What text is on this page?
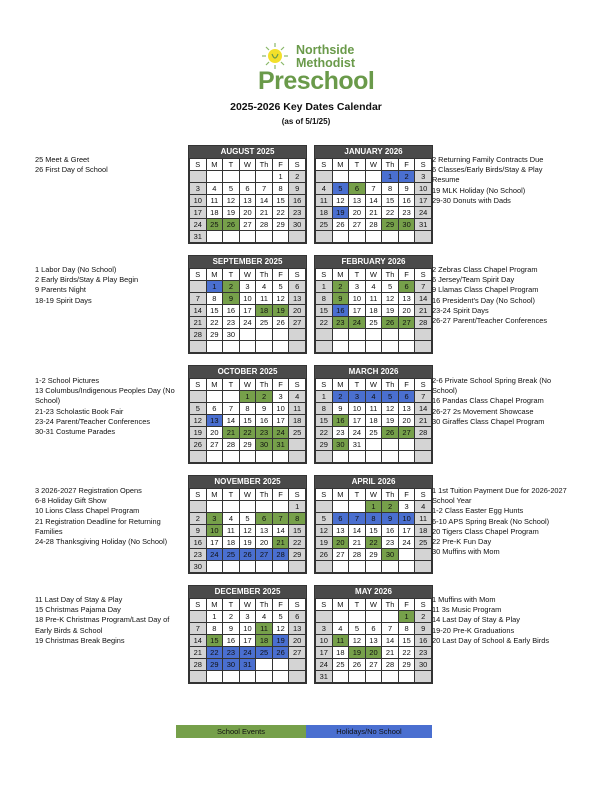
Northside
Methodist
Preschool
2025-2026 Key Dates Calendar
(as of 5/1/25)
AUGUST 2025
S	M	T	W	Th	F	S
					1	2
3	4	5	6	7	8	9
10	11	12	13	14	15	16
17	18	19	20	21	22	23
24	25	26	27	28	29	30
31						
JANUARY 2026
S	M	T	W	Th	F	S
				1	2	3
4	5	6	7	8	9	10
11	12	13	14	15	16	17
18	19	20	21	22	23	24
25	26	27	28	29	30	31

SEPTEMBER 2025
S	M	T	W	Th	F	S
	1	2	3	4	5	6
7	8	9	10	11	12	13
14	15	16	17	18	19	20
21	22	23	24	25	26	27
28	29	30				

FEBRUARY 2026
S	M	T	W	Th	F	S
1	2	3	4	5	6	7
8	9	10	11	12	13	14
15	16	17	18	19	20	21
22	23	24	25	26	27	28

OCTOBER 2025
S	M	T	W	Th	F	S
			1	2	3	4
5	6	7	8	9	10	11
12	13	14	15	16	17	18
19	20	21	22	23	24	25
26	27	28	29	30	31	

MARCH 2026
S	M	T	W	Th	F	S
1	2	3	4	5	6	7
8	9	10	11	12	13	14
15	16	17	18	19	20	21
22	23	24	25	26	27	28
29	30	31				

NOVEMBER 2025
S	M	T	W	Th	F	S
						1
2	3	4	5	6	7	8
9	10	11	12	13	14	15
16	17	18	19	20	21	22
23	24	25	26	27	28	29
30						
APRIL 2026
S	M	T	W	Th	F	S
			1	2	3	4
5	6	7	8	9	10	11
12	13	14	15	16	17	18
19	20	21	22	23	24	25
26	27	28	29	30		

DECEMBER 2025
S	M	T	W	Th	F	S
	1	2	3	4	5	6
7	8	9	10	11	12	13
14	15	16	17	18	19	20
21	22	23	24	25	26	27
28	29	30	31			

MAY 2026
S	M	T	W	Th	F	S
					1	2
3	4	5	6	7	8	9
10	11	12	13	14	15	16
17	18	19	20	21	22	23
24	25	26	27	28	29	30
31						
25 Meet & Greet
26 First Day of School
1 Labor Day (No School)
2 Early Birds/Stay & Play Begin
9 Parents Night
18-19 Spirit Days
1-2 School Pictures
13 Columbus/Indigenous Peoples Day (No School)
21-23 Scholastic Book Fair
23-24 Parent/Teacher Conferences
30-31 Costume Parades
3 2026-2027 Registration Opens
6-8 Holiday Gift Show
10 Lions Class Chapel Program
21 Registration Deadline for Returning Families
24-28 Thanksgiving Holiday (No School)
11 Last Day of Stay & Play
15 Christmas Pajama Day
18 Pre-K Christmas Program/Last Day of Early Birds & School
19 Christmas Break Begins
2 Returning Family Contracts Due
6 Classes/Early Birds/Stay & Play Resume
19 MLK Holiday (No School)
29-30 Donuts with Dads
2 Zebras Class Chapel Program
6 Jersey/Team Spirit Day
9 Llamas Class Chapel Program
16 President’s Day (No School)
23-24 Spirit Days
26-27 Parent/Teacher Conferences
2-6 Private School Spring Break (No School)
16 Pandas Class Chapel Program
26-27 2s Movement Showcase
30 Giraffes Class Chapel Program
1 1st Tuition Payment Due for 2026-2027 School Year
1-2 Class Easter Egg Hunts
6-10 APS Spring Break (No School)
20 Tigers Class Chapel Program
22 Pre-K Fun Day
30 Muffins with Mom
1 Muffins with Mom
11 3s Music Program
14 Last Day of Stay & Play
19-20 Pre-K Graduations
20 Last Day of School & Early Birds
School Events	Holidays/No School
